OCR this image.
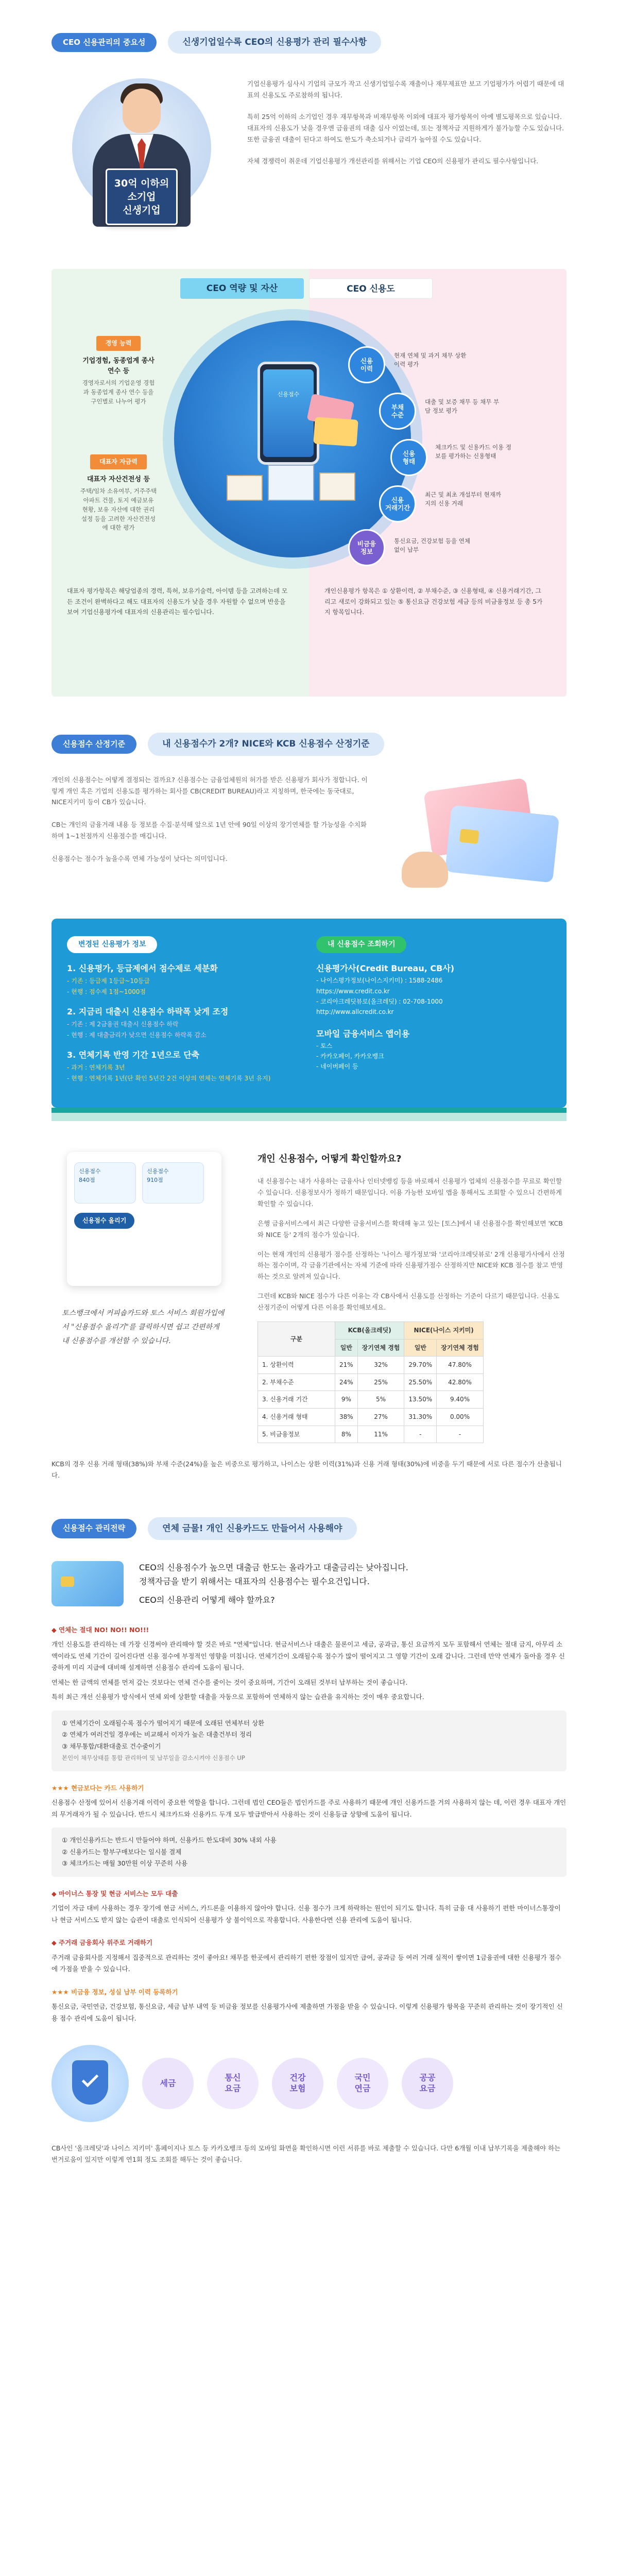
CEO 신용관리의 중요성	신생기업일수록 CEO의 신용평가 관리 필수사항
30억 이하의
소기업
신생기업

기업신용평가 심사시 기업의 규모가 작고 신생기업일수록 재출이나 재무제표만 보고 기업평가가 어렵기 때문에 대표의 신용도도 주로참하의 됩니다.

특히 25억 이하의 소기업인 경우 재무항목과 비재무항목 이외에 대표자 평가항목이 아예 별도평목으로 있습니다. 대표자의 신용도가 낮을 경우엔 금융권의 대출 심사 이었는데, 또는 정책자금 지원하게가 불가능할 수도 있습니다. 또한 금융권 대출이 된다고 하여도 한도가 축소되거나 금리가 높아질 수도 있습니다.

자체 경쟁력이 취운데 기업신용평가 개선관리를 위해서는 기업 CEO의 신용평가 관리도 필수사항입니다.

CEO 역량 및 자산	CEO 신용도
경영 능력
기업경험, 동종업계 종사연수 등
경영자로서의 기업운영 경험과 동종업계 종사 연수 등을 구인별로 나누어 평가
대표자 자금력
대표자 자산건전성 등
주택/임차 소유여부, 거주주택 아파트 건물, 토지 예금보유 현황, 보유 자산에 대한 권리 설정 등을 고려한 자산건전성에 대한 평가
신용점수
신용
이력
부채
수준
신용
형태
신용
거래기간
비금융
정보
현재 연체 및 과거 채무 상환이력 평가
대출 및 보증 채무 등 채무 부담 정보 평가
체크카드 및 신용카드 이용 정보를 평가하는 신용형태
최근 및 최초 개설부터 현재까지의 신용 거래
통신요금, 건강보험 등을 연체 없이 납부
대표자 평가항목은 해당업종의 경력, 특허, 보유기술력, 아이템 등을 고려하는데 모든 조건이 완벽하다고 해도 대표자의 신용도가 낮을 경우 자원할 수 없으며 반응을 보여 기업신용평가에 대표자의 신용관리는 필수입니다.
개인신용평가 항목은 ① 상환이력, ② 부채수준, ③ 신용형태, ④ 신용거래기간, 그리고 새로이 강화되고 있는 ⑤ 통신요금 건강보험 세금 등의 비금융정보 등 총 5가지 항목입니다.
신용점수 산정기준	내 신용점수가 2개? NICE와 KCB 신용점수 산정기준

개인의 신용점수는 어떻게 결정되는 걸까요? 신용점수는 금융업체원의 허가를 받은 신용평가 회사가 정합니다. 이렇게 개인 혹은 기업의 신용도를 평가하는 회사를 CB(CREDIT BUREAU)라고 지칭하며, 한국에는 동국대로, NICE지키미 등이 CB가 있습니다.

CB는 개인의 금융거래 내용 등 정보를 수집·분석해 앞으로 1년 안에 90일 이상의 장기연체를 할 가능성을 수치화하며 1~1천점까지 신용점수를 매깁니다.

신용점수는 점수가 높을수록 연체 가능성이 낮다는 의미입니다.

변경된 신용평가 정보
1. 신용평가, 등급제에서 점수제로 세분화
- 기존 : 등급제 1등급~10등급
- 현행 : 점수제 1점~1000점
2. 지금리 대출시 신용점수 하락폭 낮게 조정
- 기존 : 제 2금융권 대출시 신용점수 하락
- 현행 : 제 대출금리가 낮으면 신용점수 하락폭 감소
3. 연체기록 반영 기간 1년으로 단축
- 과거 : 연체기록 3년
- 현행 : 연체기록 1년(단 확인 5년간 2건 이상의 연체는 연체기록 3년 유지)
내 신용점수 조회하기
신용평가사(Credit Bureau, CB사)
- 나이스평가정보(나이스지키미) : 1588-2486
https://www.credit.co.kr
- 코리아크레딧뷰로(올크레딧) : 02-708-1000
http://www.allcredit.co.kr
모바일 금융서비스 앱이용
- 토스
- 카카오페이, 카카오뱅크
- 네이버페이 등
신용점수
840점 신용점수
910점
신용점수 올리기
토스뱅크에서 커피숍카드와 토스 서비스 회원가입에서 "신용점수 올리기"를 클릭하시면 쉽고 간편하게 내 신용점수를 개선할 수 있습니다.
개인 신용점수, 어떻게 확인할까요?

내 신용점수는 내가 사용하는 금융사나 인터넷뱅킹 등을 바로해서 신용평가 업체의 신용점수를 무료로 확인할 수 있습니다. 신용정보사가 정하기 때문입니다. 이용 가능한 모바일 앱을 통해서도 조회할 수 있으니 간편하게 확인할 수 있습니다.

은행 금융서비스에서 최근 다양한 금융서비스를 확대해 놓고 있는 [토스]에서 내 신용점수를 확인해보면 'KCB와 NICE 등' 2개의 점수가 있습니다.

이는 현재 개인의 신용평가 점수를 산정하는 '나이스 평가정보'와 '코리아크레딧뷰로' 2개 신용평가사에서 산정하는 점수이며, 각 금융기관에서는 자체 기준에 따라 신용평가점수 산정하지만 NICE와 KCB 점수를 참고 반영하는 것으로 알려져 있습니다.

그런데 KCB와 NICE 점수가 다른 이유는 각 CB사에서 신용도를 산정하는 기준이 다르기 때문입니다. 신용도 산정기준이 어떻게 다른 이유를 확인해보세요.

구분	KCB(올크레딧)		NICE(나이스 지키미)	
	일반	장기연체 경험	일반	장기연체 경험
1. 상환이력	21%	32%	29.70%	47.80%
2. 부채수준	24%	25%	25.50%	42.80%
3. 신용거래 기간	9%	5%	13.50%	9.40%
4. 신용거래 형태	38%	27%	31.30%	0.00%
5. 비금융정보	8%	11%	-	-
KCB의 경우 신용 거래 형태(38%)와 부채 수준(24%)을 높은 비중으로 평가하고, 나이스는 상환 이력(31%)과 신용 거래 형태(30%)에 비중을 두기 때문에 서로 다른 점수가 산출됩니다.
신용점수 관리전략	연체 금물! 개인 신용카드도 만들어서 사용해야
CEO의 신용점수가 높으면 대출금 한도는 올라가고 대출금리는 낮아집니다.
정책자금을 받기 위해서는 대표자의 신용점수는 필수요건입니다.
CEO의 신용관리 어떻게 해야 할까요?
◆ 연체는 절대 NO! NO!! NO!!!

개인 신용도를 관리하는 데 가장 신경써야 관리해야 할 것은 바로 "연체"입니다. 현금서비스나 대출은 물론이고 세금, 공과금, 통신 요금까지 모두 포함해서 연체는 절대 금지, 아무리 소액이라도 연체 기간이 길어진다면 신용 점수에 부정적인 영향을 미칩니다. 연체기간이 오래될수록 점수가 많이 떨어지고 그 영향 기간이 오래 갑니다. 그런데 만약 연체가 돌아올 경우 신중하게 미리 지급에 대비해 설계하면 신용점수 관리에 도움이 됩니다.

연체는 한 금액의 연체를 먼저 갚는 것보다는 연체 건수를 줄이는 것이 중요하며, 기간이 오래된 것부터 납부하는 것이 좋습니다.

특히 최근 개선 신용평가 방식에서 연체 외에 상환할 대출을 자동으로 포함하여 연체하지 않는 습관을 유지하는 것이 매우 중요합니다.

① 연체기간이 오래될수록 점수가 떨어지기 때문에 오래된 연체부터 상환
② 연체가 여러건일 경우에는 비교해서 이자가 높은 대출건부터 정리
③ 채무통합/대환대출로 건수줄이기
본인이 채무상태를 통합 관리하여 및 납부일을 감소시켜야 신용점수 UP
★★★ 현금보다는 카드 사용하기

신용점수 산정에 있어서 신용거래 이력이 중요한 역할을 합니다. 그런데 법인 CEO들은 법인카드를 주로 사용하기 때문에 개인 신용카드를 거의 사용하지 않는 데, 이런 경우 대표자 개인의 무거래자가 될 수 있습니다. 반드시 체크카드와 신용카드 두개 모두 발급받아서 사용하는 것이 신용등급 상향에 도움이 됩니다.

① 개인신용카드는 반드시 만들어야 하며, 신용카드 한도대비 30% 내외 사용
② 신용카드는 할부구매보다는 일시불 결제
③ 체크카드는 매월 30만원 이상 꾸준히 사용
◆ 마이너스 통장 및 현금 서비스는 모두 대출

기업이 자금 대비 사용하는 경우 장기에 현금 서비스, 카드론을 이용하지 않아야 합니다. 신용 점수가 크게 하락하는 원인이 되기도 합니다. 특히 금융 대 사용하기 편한 마이너스통장이나 현금 서비스도 받지 않는 습관이 대출로 인식되어 신용평가 상 불이익으로 작용합니다. 사용한다면 신용 관리에 도움이 됩니다.

◆ 주거래 금융회사 위주로 거래하기

주거래 금융회사를 지정해서 집중적으로 관리하는 것이 좋아요! 채무를 한곳에서 관리하기 편한 장점이 있지만 급여, 공과금 등 여러 거래 실적이 쌓이면 1금융권에 대한 신용평가 점수에 가점을 받을 수 있습니다.

★★★ 비금융 정보, 성실 납부 이력 등록하기

통신요금, 국민연금, 건강보험, 통신요금, 세금 납부 내역 등 비금융 정보를 신용평가사에 제출하면 가점을 받을 수 있습니다. 이렇게 신용평가 항목을 꾸준히 관리하는 것이 장기적인 신용 점수 관리에 도움이 됩니다.

세금
통신
요금
건강
보험
국민
연금
공공
요금
CB사인 '올크레딧'과 나이스 지키미' 홈페이지나 토스 등 카카오뱅크 등의 모바일 화면을 확인하시면 이런 서류를 바로 제출할 수 있습니다. 다만 6개월 이내 납부기록을 제출해야 하는 번거로움이 있지만 이렇게 연1회 정도 조회를 해두는 것이 좋습니다.
